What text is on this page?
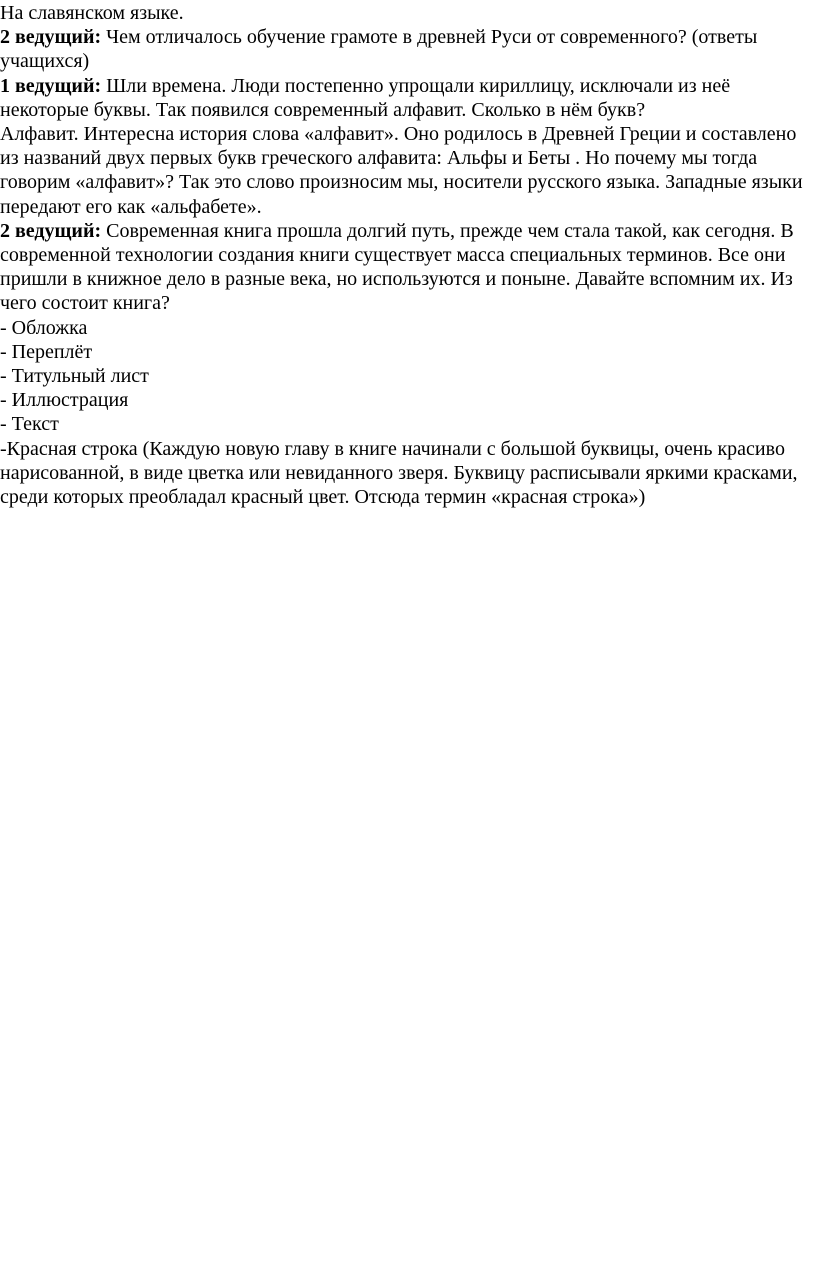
На славянском языке.

2 ведущий: Чем отличалось обучение грамоте в древней Руси от современного? (ответы учащихся)

1 ведущий: Шли времена. Люди постепенно упрощали кириллицу, исключали из неё некоторые буквы. Так появился современный алфавит. Сколько в нём букв?

Алфавит. Интересна история слова «алфавит». Оно родилось в Древней Греции и составлено из названий двух первых букв греческого алфавита: Альфы и Беты . Но почему мы тогда говорим «алфавит»? Так это слово произносим мы, носители русского языка. Западные языки передают его как «альфабете».

2 ведущий: Современная книга прошла долгий путь, прежде чем стала такой, как сегодня. В современной технологии создания книги существует масса специальных терминов. Все они пришли в книжное дело в разные века, но используются и поныне. Давайте вспомним их. Из чего состоит книга?

- Обложка

- Переплёт

- Титульный лист

- Иллюстрация

- Текст

-Красная строка (Каждую новую главу в книге начинали с большой буквицы, очень красиво нарисованной, в виде цветка или невиданного зверя. Буквицу расписывали яркими красками, среди которых преобладал красный цвет. Отсюда термин «красная строка»)
